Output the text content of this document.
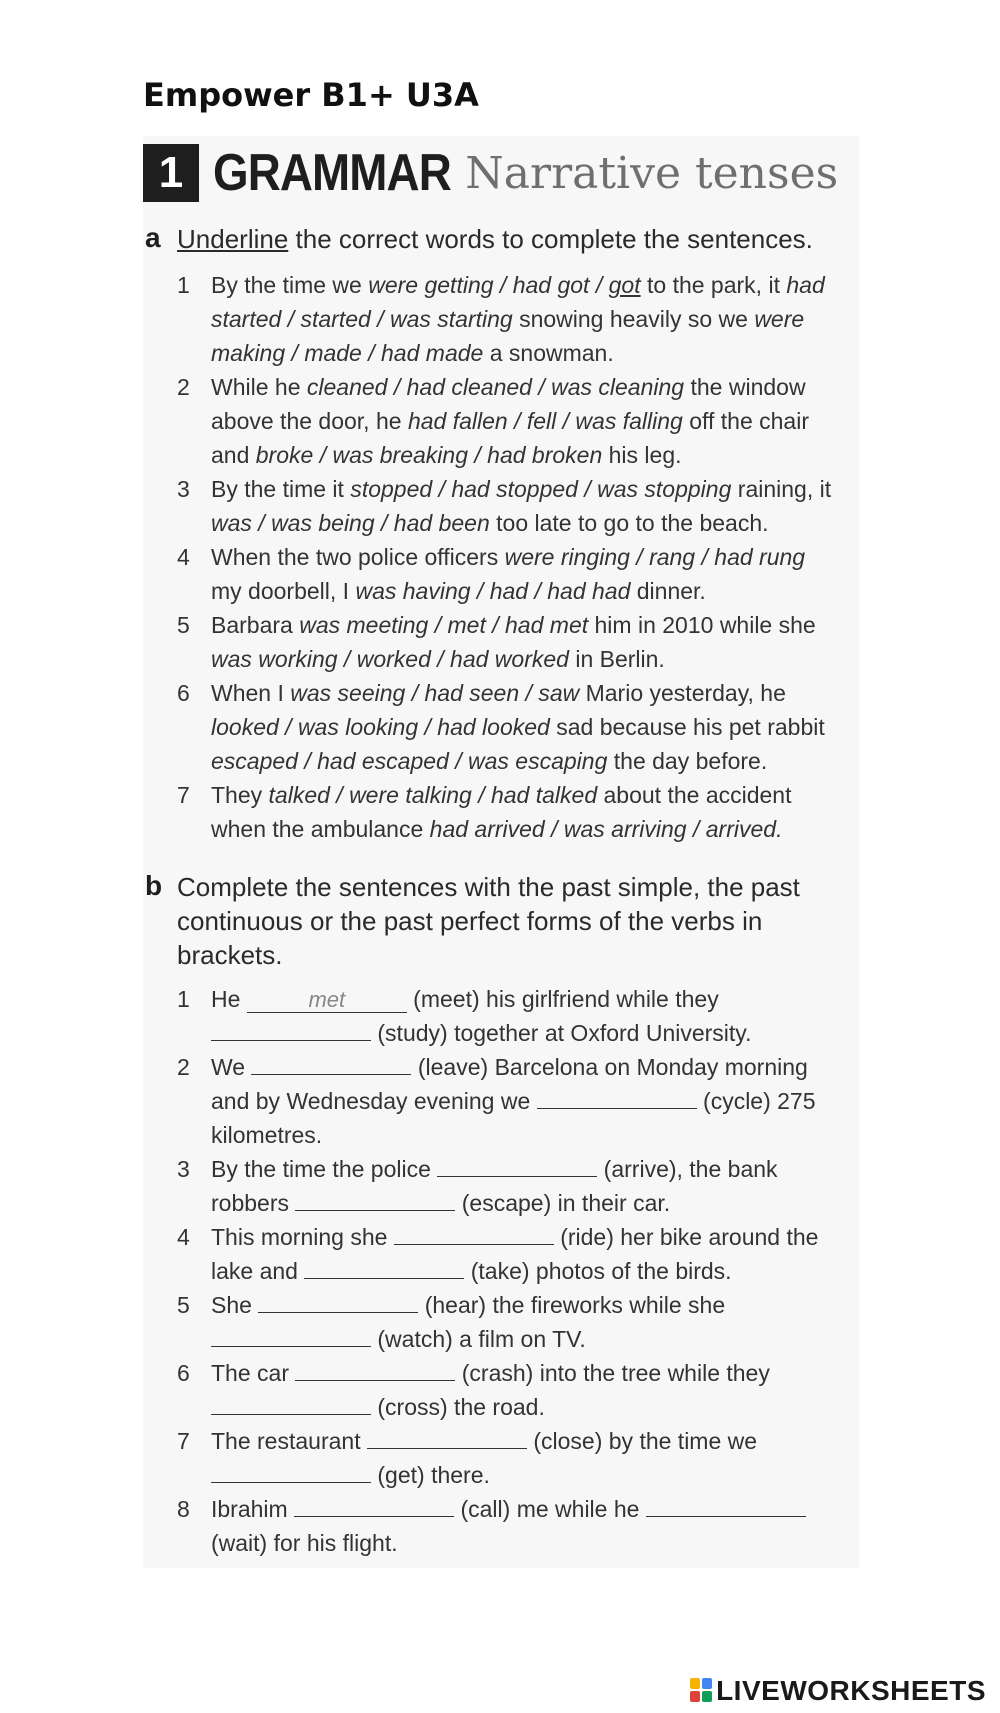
Empower B1+ U3A
1 GRAMMAR Narrative tenses
a Underline the correct words to complete the sentences.
1 By the time we were getting / had got / got to the park, it had started / started / was starting snowing heavily so we were making / made / had made a snowman.
2 While he cleaned / had cleaned / was cleaning the window above the door, he had fallen / fell / was falling off the chair and broke / was breaking / had broken his leg.
3 By the time it stopped / had stopped / was stopping raining, it was / was being / had been too late to go to the beach.
4 When the two police officers were ringing / rang / had rung my doorbell, I was having / had / had had dinner.
5 Barbara was meeting / met / had met him in 2010 while she was working / worked / had worked in Berlin.
6 When I was seeing / had seen / saw Mario yesterday, he looked / was looking / had looked sad because his pet rabbit escaped / had escaped / was escaping the day before.
7 They talked / were talking / had talked about the accident when the ambulance had arrived / was arriving / arrived.
b Complete the sentences with the past simple, the past continuous or the past perfect forms of the verbs in brackets.
1 He	met	(meet) his girlfriend while they  (study) together at Oxford University.
2 We	(leave) Barcelona on Monday morning and by Wednesday evening we	(cycle) 275 kilometres.
3 By the time the police	(arrive), the bank robbers	(escape) in their car.
4 This morning she	(ride) her bike around the lake and	(take) photos of the birds.
5 She	(hear) the fireworks while she  (watch) a film on TV.
6 The car	(crash) into the tree while they  (cross) the road.
7 The restaurant	(close) by the time we  (get) there.
8 Ibrahim	(call) me while he  (wait) for his flight.
LIVEWORKSHEETS
